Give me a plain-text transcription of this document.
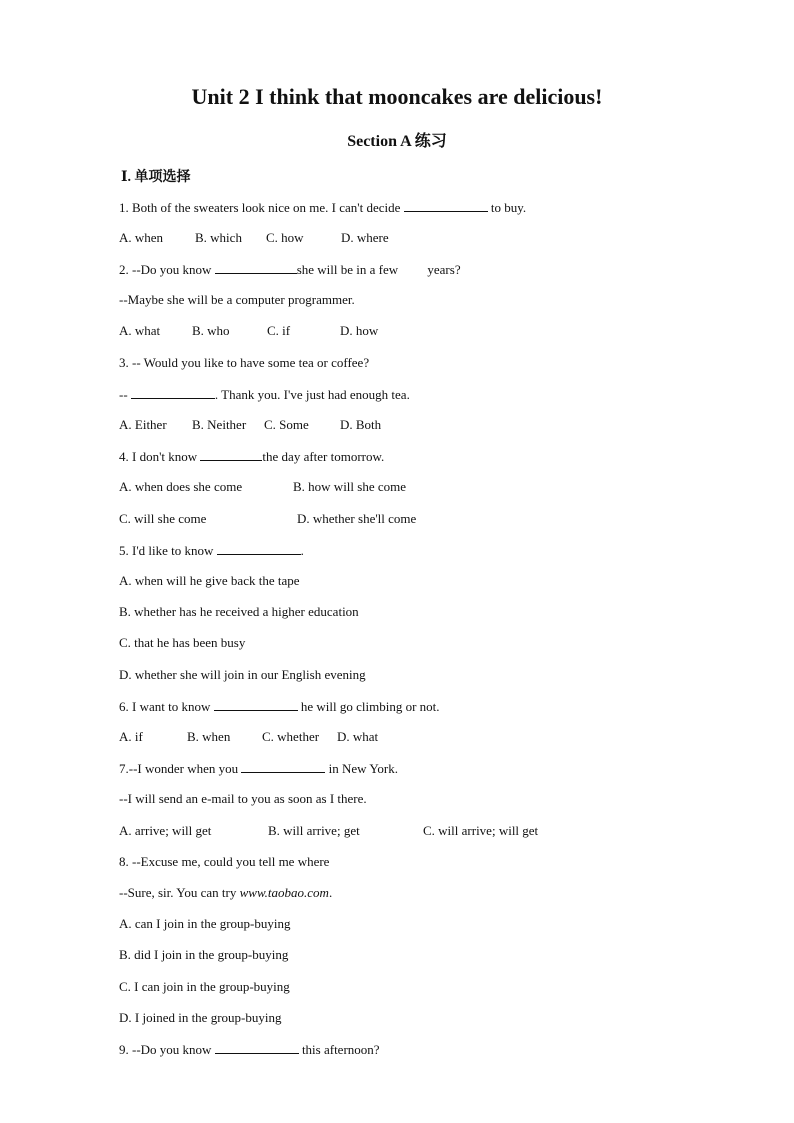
Unit 2 I think that mooncakes are delicious!
Section A 练习
Ⅰ. 单项选择
1. Both of the sweaters look nice on me. I can't decide	to buy.
A. when B. which C. how	D. where
2. --Do you know	she will be in a few years?
--Maybe she will be a computer programmer.
A. what B. who	C. if	D. how
3. -- Would you like to have some tea or coffee?
--	. Thank you. I've just had enough tea.
A. Either B. Neither C. Some D. Both
4. I don't know	the day after tomorrow.
A. when does she come	B. how will she come
C. will she come	D. whether she'll come
5. I'd like to know	.
A. when will he give back the tape
B. whether has he received a higher education
C. that he has been busy
D. whether she will join in our English evening
6. I want to know	he will go climbing or not.
A. if	B. when C. whether D. what
7.--I wonder when you	in New York.
--I will send an e-mail to you as soon as I there.
A. arrive; will get	B. will arrive; get	C. will arrive; will get
8. --Excuse me, could you tell me where
--Sure, sir. You can try www.taobao.com.
A. can I join in the group-buying
B. did I join in the group-buying
C. I can join in the group-buying
D. I joined in the group-buying
9. --Do you know	this afternoon?
